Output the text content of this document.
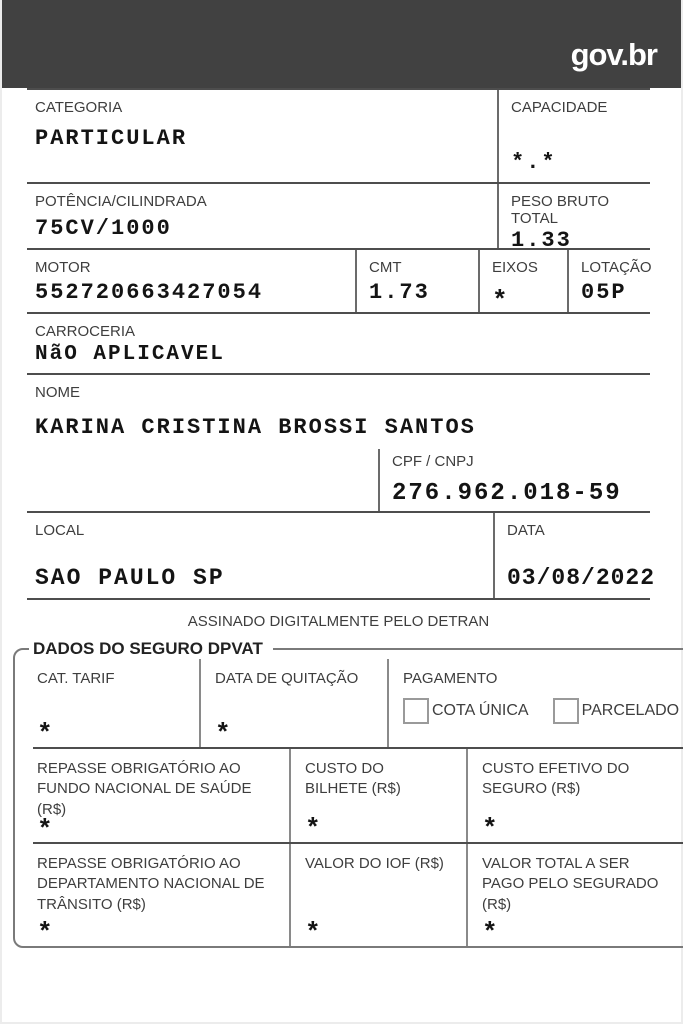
gov.br
CATEGORIA
PARTICULAR
CAPACIDADE
*.*
POTÊNCIA/CILINDRADA
75CV/1000
PESO BRUTO TOTAL
1.33
MOTOR
552720663427054
CMT
1.73
EIXOS
*
LOTAÇÃO
05P
CARROCERIA
NãO APLICAVEL
NOME
KARINA CRISTINA BROSSI SANTOS
CPF / CNPJ
276.962.018-59
LOCAL
SAO PAULO SP
DATA
03/08/2022
ASSINADO DIGITALMENTE PELO DETRAN
DADOS DO SEGURO DPVAT
CAT. TARIF
*
DATA DE QUITAÇÃO
*
PAGAMENTO
COTA ÚNICA	PARCELADO
REPASSE OBRIGATÓRIO AO FUNDO NACIONAL DE SAÚDE (R$)
*
CUSTO DO BILHETE (R$)
*
CUSTO EFETIVO DO SEGURO (R$)
*
REPASSE OBRIGATÓRIO AO DEPARTAMENTO NACIONAL DE TRÂNSITO (R$)
*
VALOR DO IOF (R$)
*
VALOR TOTAL A SER PAGO PELO SEGURADO (R$)
*
